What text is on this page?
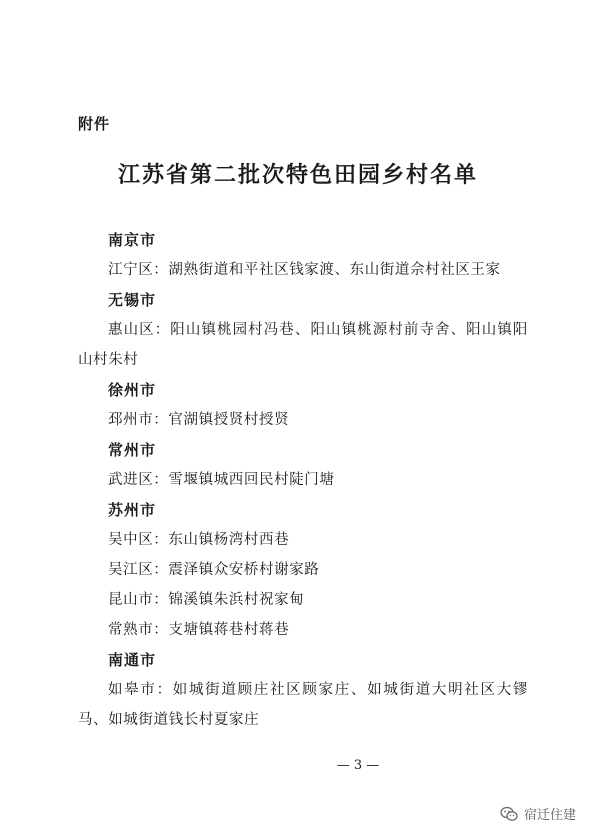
附件
江苏省第二批次特色田园乡村名单
南京市
江宁区：湖熟街道和平社区钱家渡、东山街道佘村社区王家
无锡市
惠山区：阳山镇桃园村冯巷、阳山镇桃源村前寺舍、阳山镇阳山村朱村
徐州市
邳州市：官湖镇授贤村授贤
常州市
武进区：雪堰镇城西回民村陡门塘
苏州市
吴中区：东山镇杨湾村西巷
吴江区：震泽镇众安桥村谢家路
昆山市：锦溪镇朱浜村祝家甸
常熟市：支塘镇蒋巷村蒋巷
南通市
如皋市：如城街道顾庄社区顾家庄、如城街道大明社区大镠马、如城街道钱长村夏家庄
— 3 —
宿迁住建
